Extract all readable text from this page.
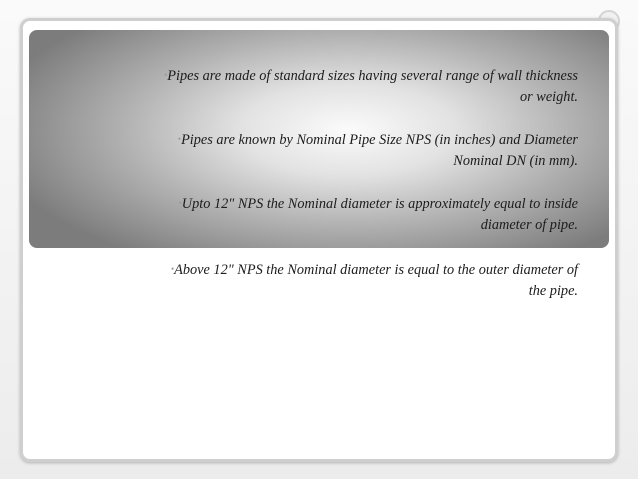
•Pipes are made of standard sizes having several range of wall thickness
or weight.

•Pipes are known by Nominal Pipe Size NPS (in inches) and Diameter
Nominal DN (in mm).

•Upto 12" NPS the Nominal diameter is approximately equal to inside
diameter of pipe.

•Above 12" NPS the Nominal diameter is equal to the outer diameter of
the pipe.
